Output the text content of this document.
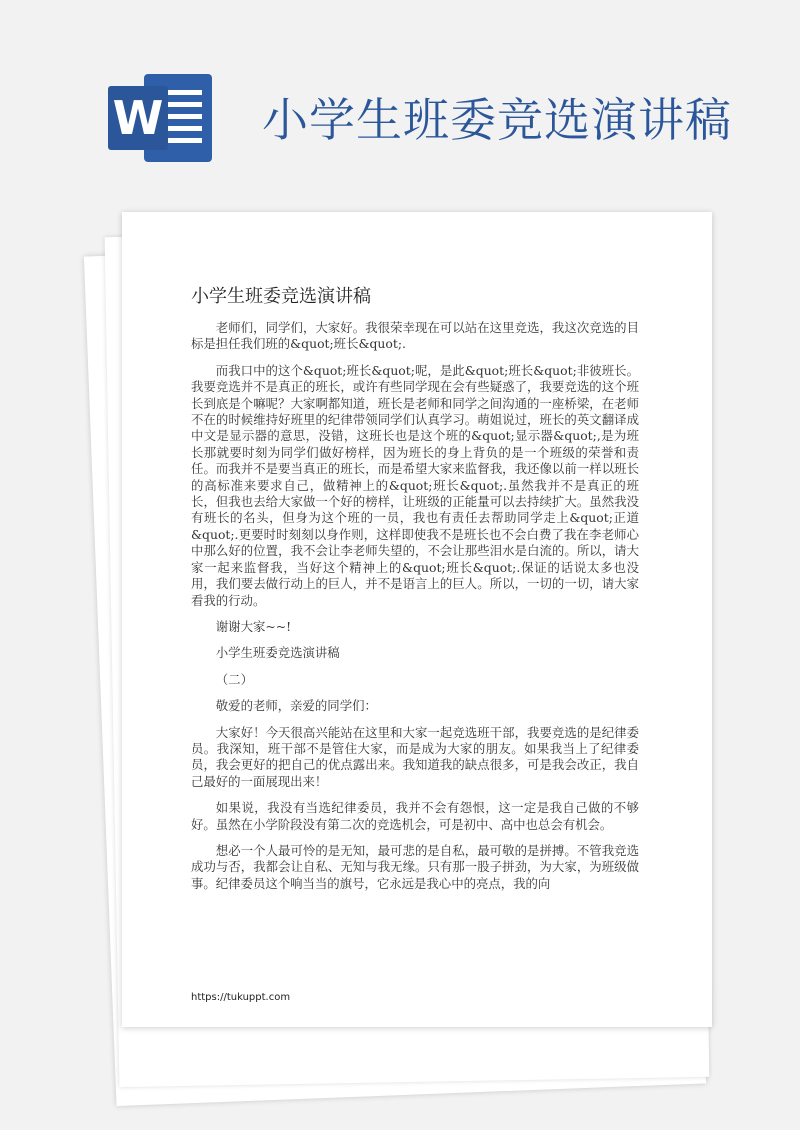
W 小学生班委竞选演讲稿
小学生班委竞选演讲稿

老师们，同学们，大家好。我很荣幸现在可以站在这里竞选，我这次竞选的目标是担任我们班的&quot;班长&quot;.

而我口中的这个&quot;班长&quot;呢，是此&quot;班长&quot;非彼班长。我要竞选并不是真正的班长，或许有些同学现在会有些疑惑了，我要竞选的这个班长到底是个嘛呢？大家啊都知道，班长是老师和同学之间沟通的一座桥梁，在老师不在的时候维持好班里的纪律带领同学们认真学习。萌姐说过，班长的英文翻译成中文是显示器的意思，没错，这班长也是这个班的&quot;显示器&quot;,是为班长那就要时刻为同学们做好榜样，因为班长的身上背负的是一个班级的荣誉和责任。而我并不是要当真正的班长，而是希望大家来监督我，我还像以前一样以班长的高标准来要求自己，做精神上的&quot;班长&quot;.虽然我并不是真正的班长，但我也去给大家做一个好的榜样，让班级的正能量可以去持续扩大。虽然我没有班长的名头，但身为这个班的一员，我也有责任去帮助同学走上&quot;正道&quot;.更要时时刻刻以身作则，这样即使我不是班长也不会白费了我在李老师心中那么好的位置，我不会让李老师失望的，不会让那些泪水是白流的。所以，请大家一起来监督我，当好这个精神上的&quot;班长&quot;.保证的话说太多也没用，我们要去做行动上的巨人，并不是语言上的巨人。所以，一切的一切，请大家看我的行动。

谢谢大家~~!

小学生班委竞选演讲稿

（二）

敬爱的老师，亲爱的同学们：

大家好！今天很高兴能站在这里和大家一起竞选班干部，我要竞选的是纪律委员。我深知，班干部不是管住大家，而是成为大家的朋友。如果我当上了纪律委员，我会更好的把自己的优点露出来。我知道我的缺点很多，可是我会改正，我自己最好的一面展现出来！

如果说，我没有当选纪律委员，我并不会有怨恨，这一定是我自己做的不够好。虽然在小学阶段没有第二次的竞选机会，可是初中、高中也总会有机会。

想必一个人最可怜的是无知，最可悲的是自私，最可敬的是拼搏。不管我竞选成功与否，我都会让自私、无知与我无缘。只有那一股子拼劲，为大家，为班级做事。纪律委员这个响当当的旗号，它永远是我心中的亮点，我的向

https://tukuppt.com
